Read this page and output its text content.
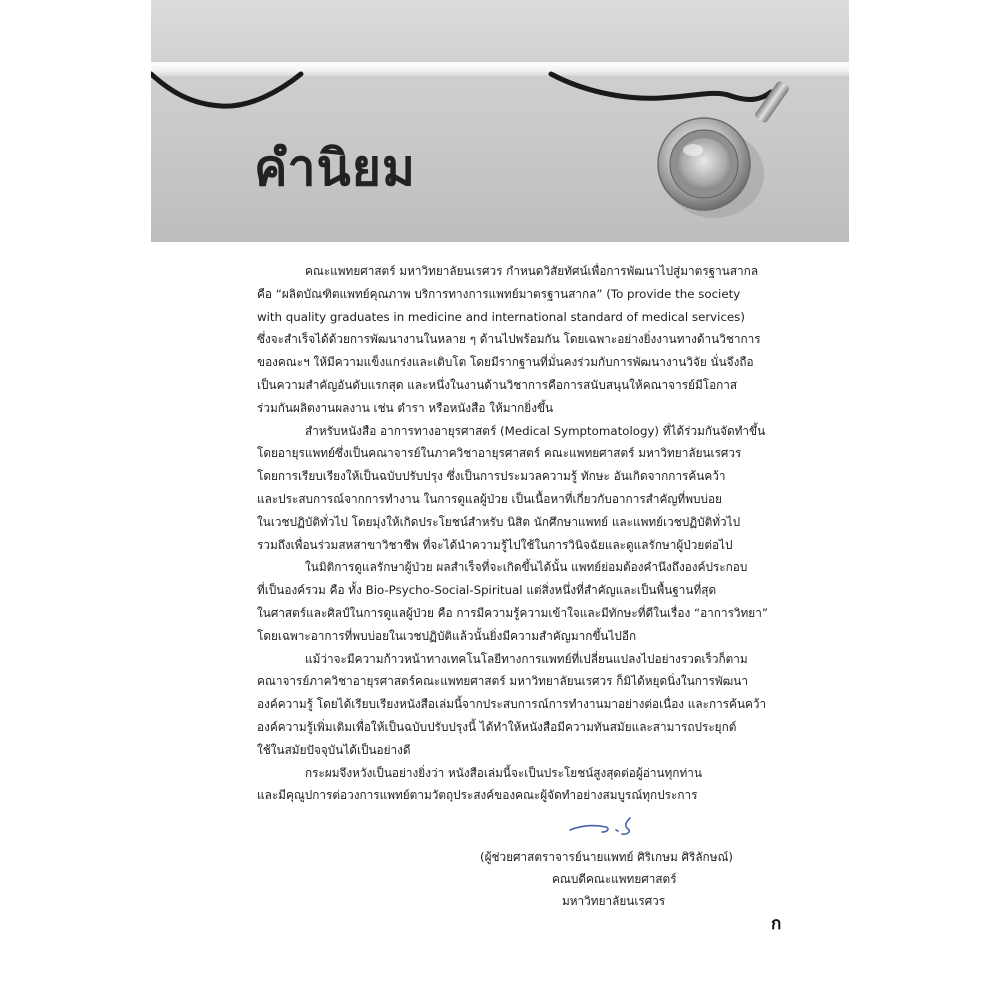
คำนิยม

คณะแพทยศาสตร์ มหาวิทยาลัยนเรศวร กำหนดวิสัยทัศน์เพื่อการพัฒนาไปสู่มาตรฐานสากล
คือ “ผลิตบัณฑิตแพทย์คุณภาพ บริการทางการแพทย์มาตรฐานสากล” (To provide the society
with quality graduates in medicine and international standard of medical services)
ซึ่งจะสำเร็จได้ด้วยการพัฒนางานในหลาย ๆ ด้านไปพร้อมกัน โดยเฉพาะอย่างยิ่งงานทางด้านวิชาการ
ของคณะฯ ให้มีความแข็งแกร่งและเติบโต โดยมีรากฐานที่มั่นคงร่วมกับการพัฒนางานวิจัย นั่นจึงถือ
เป็นความสำคัญอันดับแรกสุด และหนึ่งในงานด้านวิชาการคือการสนับสนุนให้คณาจารย์มีโอกาส
ร่วมกันผลิตงานผลงาน เช่น ตำรา หรือหนังสือ ให้มากยิ่งขึ้น

สำหรับหนังสือ อาการทางอายุรศาสตร์ (Medical Symptomatology) ที่ได้ร่วมกันจัดทำขึ้น
โดยอายุรแพทย์ซึ่งเป็นคณาจารย์ในภาควิชาอายุรศาสตร์ คณะแพทยศาสตร์ มหาวิทยาลัยนเรศวร
โดยการเรียบเรียงให้เป็นฉบับปรับปรุง ซึ่งเป็นการประมวลความรู้ ทักษะ อันเกิดจากการค้นคว้า
และประสบการณ์จากการทำงาน ในการดูแลผู้ป่วย เป็นเนื้อหาที่เกี่ยวกับอาการสำคัญที่พบบ่อย
ในเวชปฏิบัติทั่วไป โดยมุ่งให้เกิดประโยชน์สำหรับ นิสิต นักศึกษาแพทย์ และแพทย์เวชปฏิบัติทั่วไป
รวมถึงเพื่อนร่วมสหสาขาวิชาชีพ ที่จะได้นำความรู้ไปใช้ในการวินิจฉัยและดูแลรักษาผู้ป่วยต่อไป

ในมิติการดูแลรักษาผู้ป่วย ผลสำเร็จที่จะเกิดขึ้นได้นั้น แพทย์ย่อมต้องคำนึงถึงองค์ประกอบ
ที่เป็นองค์รวม คือ ทั้ง Bio-Psycho-Social-Spiritual แต่สิ่งหนึ่งที่สำคัญและเป็นพื้นฐานที่สุด
ในศาสตร์และศิลป์ในการดูแลผู้ป่วย คือ การมีความรู้ความเข้าใจและมีทักษะที่ดีในเรื่อง “อาการวิทยา”
โดยเฉพาะอาการที่พบบ่อยในเวชปฏิบัติแล้วนั้นยิ่งมีความสำคัญมากขึ้นไปอีก

แม้ว่าจะมีความก้าวหน้าทางเทคโนโลยีทางการแพทย์ที่เปลี่ยนแปลงไปอย่างรวดเร็วก็ตาม
คณาจารย์ภาควิชาอายุรศาสตร์คณะแพทยศาสตร์ มหาวิทยาลัยนเรศวร ก็มิได้หยุดนิ่งในการพัฒนา
องค์ความรู้ โดยได้เรียบเรียงหนังสือเล่มนี้จากประสบการณ์การทำงานมาอย่างต่อเนื่อง และการค้นคว้า
องค์ความรู้เพิ่มเติมเพื่อให้เป็นฉบับปรับปรุงนี้ ได้ทำให้หนังสือมีความทันสมัยและสามารถประยุกต์
ใช้ในสมัยปัจจุบันได้เป็นอย่างดี

กระผมจึงหวังเป็นอย่างยิ่งว่า หนังสือเล่มนี้จะเป็นประโยชน์สูงสุดต่อผู้อ่านทุกท่าน
และมีคุณูปการต่อวงการแพทย์ตามวัตถุประสงค์ของคณะผู้จัดทำอย่างสมบูรณ์ทุกประการ

(ผู้ช่วยศาสตราจารย์นายแพทย์ ศิริเกษม ศิริลักษณ์)
คณบดีคณะแพทยศาสตร์
มหาวิทยาลัยนเรศวร
ก
